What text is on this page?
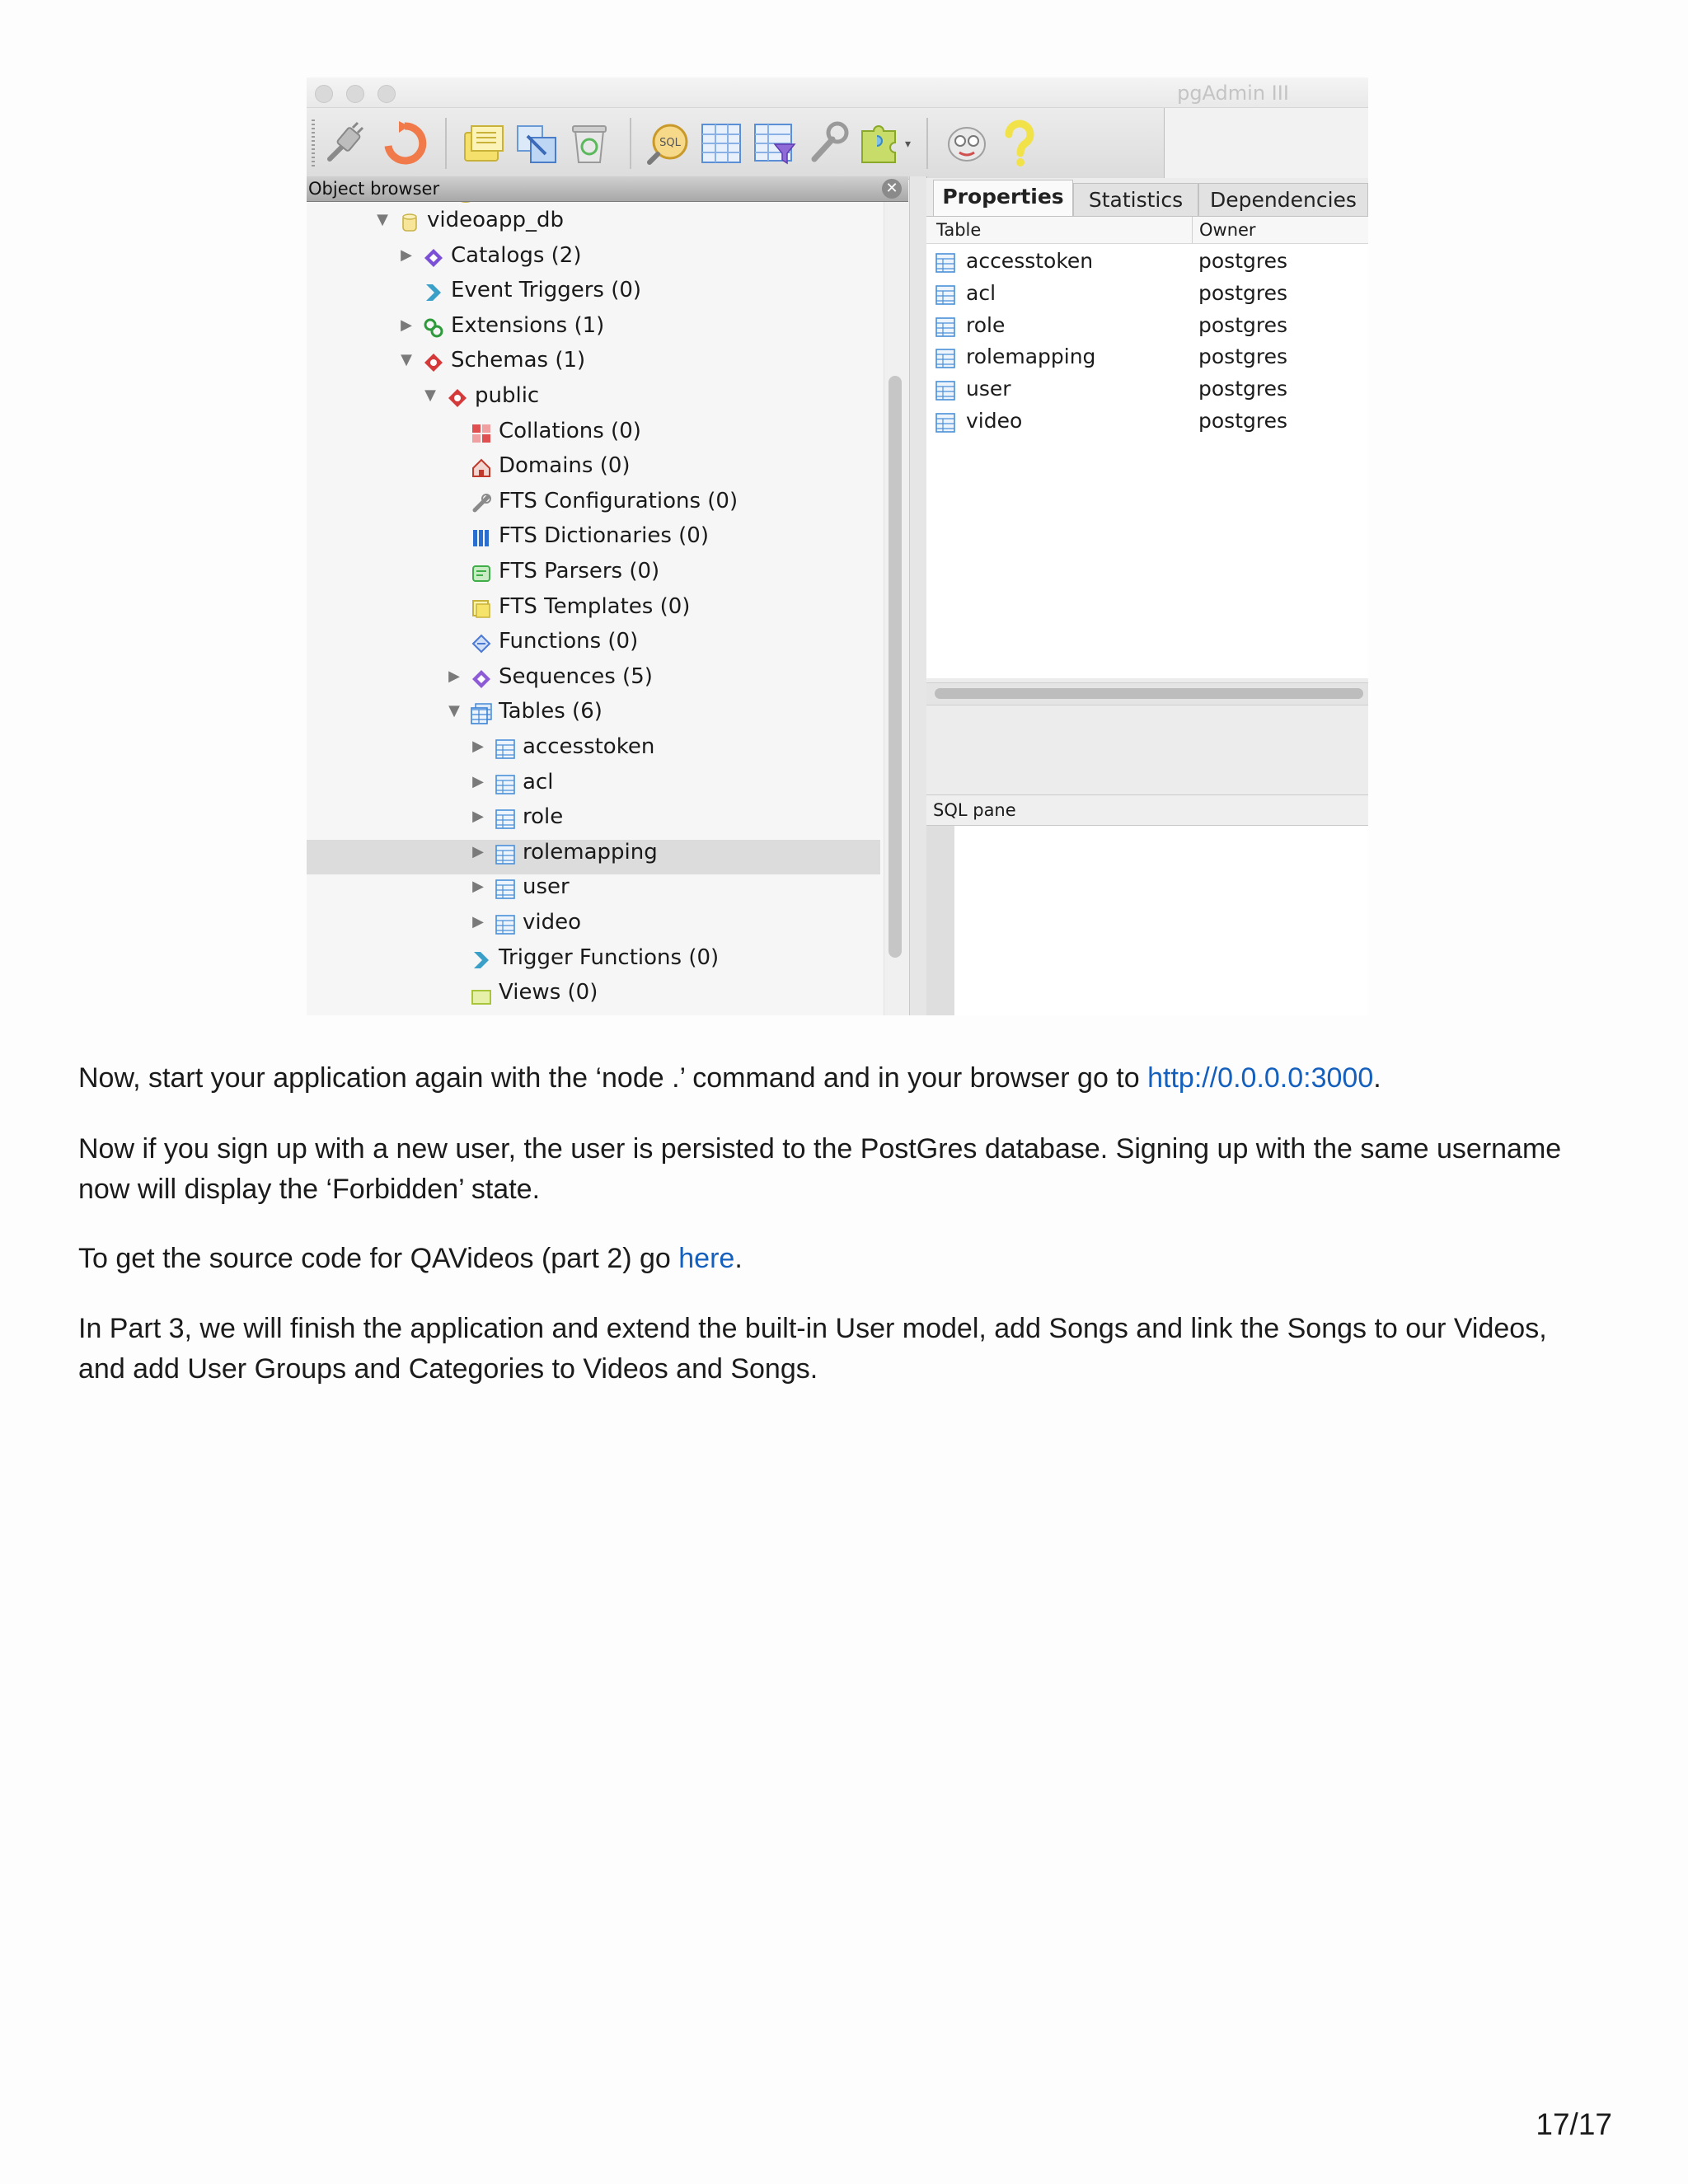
pgAdmin III
SQL	▾
Object browser	✕
▼ videoapp_db
▶ Catalogs (2)
Event Triggers (0)
▶ Extensions (1)
▼ Schemas (1)
▼ public
Collations (0)
Domains (0)
FTS Configurations (0)
FTS Dictionaries (0)
FTS Parsers (0)
FTS Templates (0)
Functions (0)
▶ Sequences (5)
▼ Tables (6)
▶ accesstoken
▶ acl
▶ role
▶ rolemapping
▶ user
▶ video
Trigger Functions (0)
Views (0)
Properties	Statistics	Dependencies
Table	Owner
accesstoken	postgres
acl	postgres
role	postgres
rolemapping	postgres
user	postgres
video	postgres
SQL pane
Now, start your application again with the ‘node .’ command and in your browser go to http://0.0.0.0:3000.
Now if you sign up with a new user, the user is persisted to the PostGres database. Signing up with the same username now will display the ‘Forbidden’ state.
To get the source code for QAVideos (part 2) go here.
In Part 3, we will finish the application and extend the built-in User model, add Songs and link the Songs to our Videos, and add User Groups and Categories to Videos and Songs.
17/17
